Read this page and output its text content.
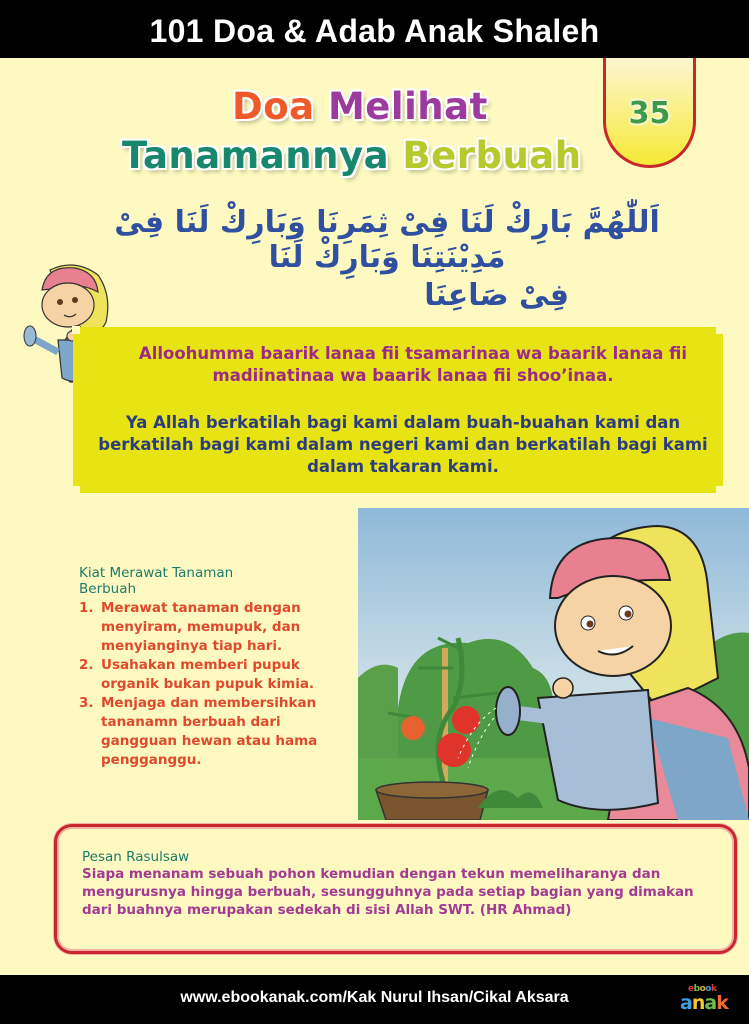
101 Doa & Adab Anak Shaleh
35
Doa Melihat
Tanamannya Berbuah
اَللّٰهُمَّ بَارِكْ لَنَا فِىْ ثِمَرِنَا وَبَارِكْ لَنَا فِىْ مَدِيْنَتِنَا وَبَارِكْ لَنَا
فِىْ صَاعِنَا
Alloohumma baarik lanaa fii tsamarinaa wa baarik lanaa fii madiinatinaa wa baarik lanaa fii shoo’inaa.
Ya Allah berkatilah bagi kami dalam buah-buahan kami dan berkatilah bagi kami dalam negeri kami dan berkatilah bagi kami dalam takaran kami.
Kiat Merawat Tanaman Berbuah
1. Merawat tanaman dengan menyiram, memupuk, dan menyianginya tiap hari.
2. Usahakan memberi pupuk organik bukan pupuk kimia.
3. Menjaga dan membersihkan tananamn berbuah dari gangguan hewan atau hama pengganggu.
Pesan Rasulsaw
Siapa menanam sebuah pohon kemudian dengan tekun memeliharanya dan mengurusnya hingga berbuah, sesungguhnya pada setiap bagian yang dimakan dari buahnya merupakan sedekah di sisi Allah SWT. (HR Ahmad)
www.ebookanak.com/Kak Nurul Ihsan/Cikal Aksara	ebook
anak
